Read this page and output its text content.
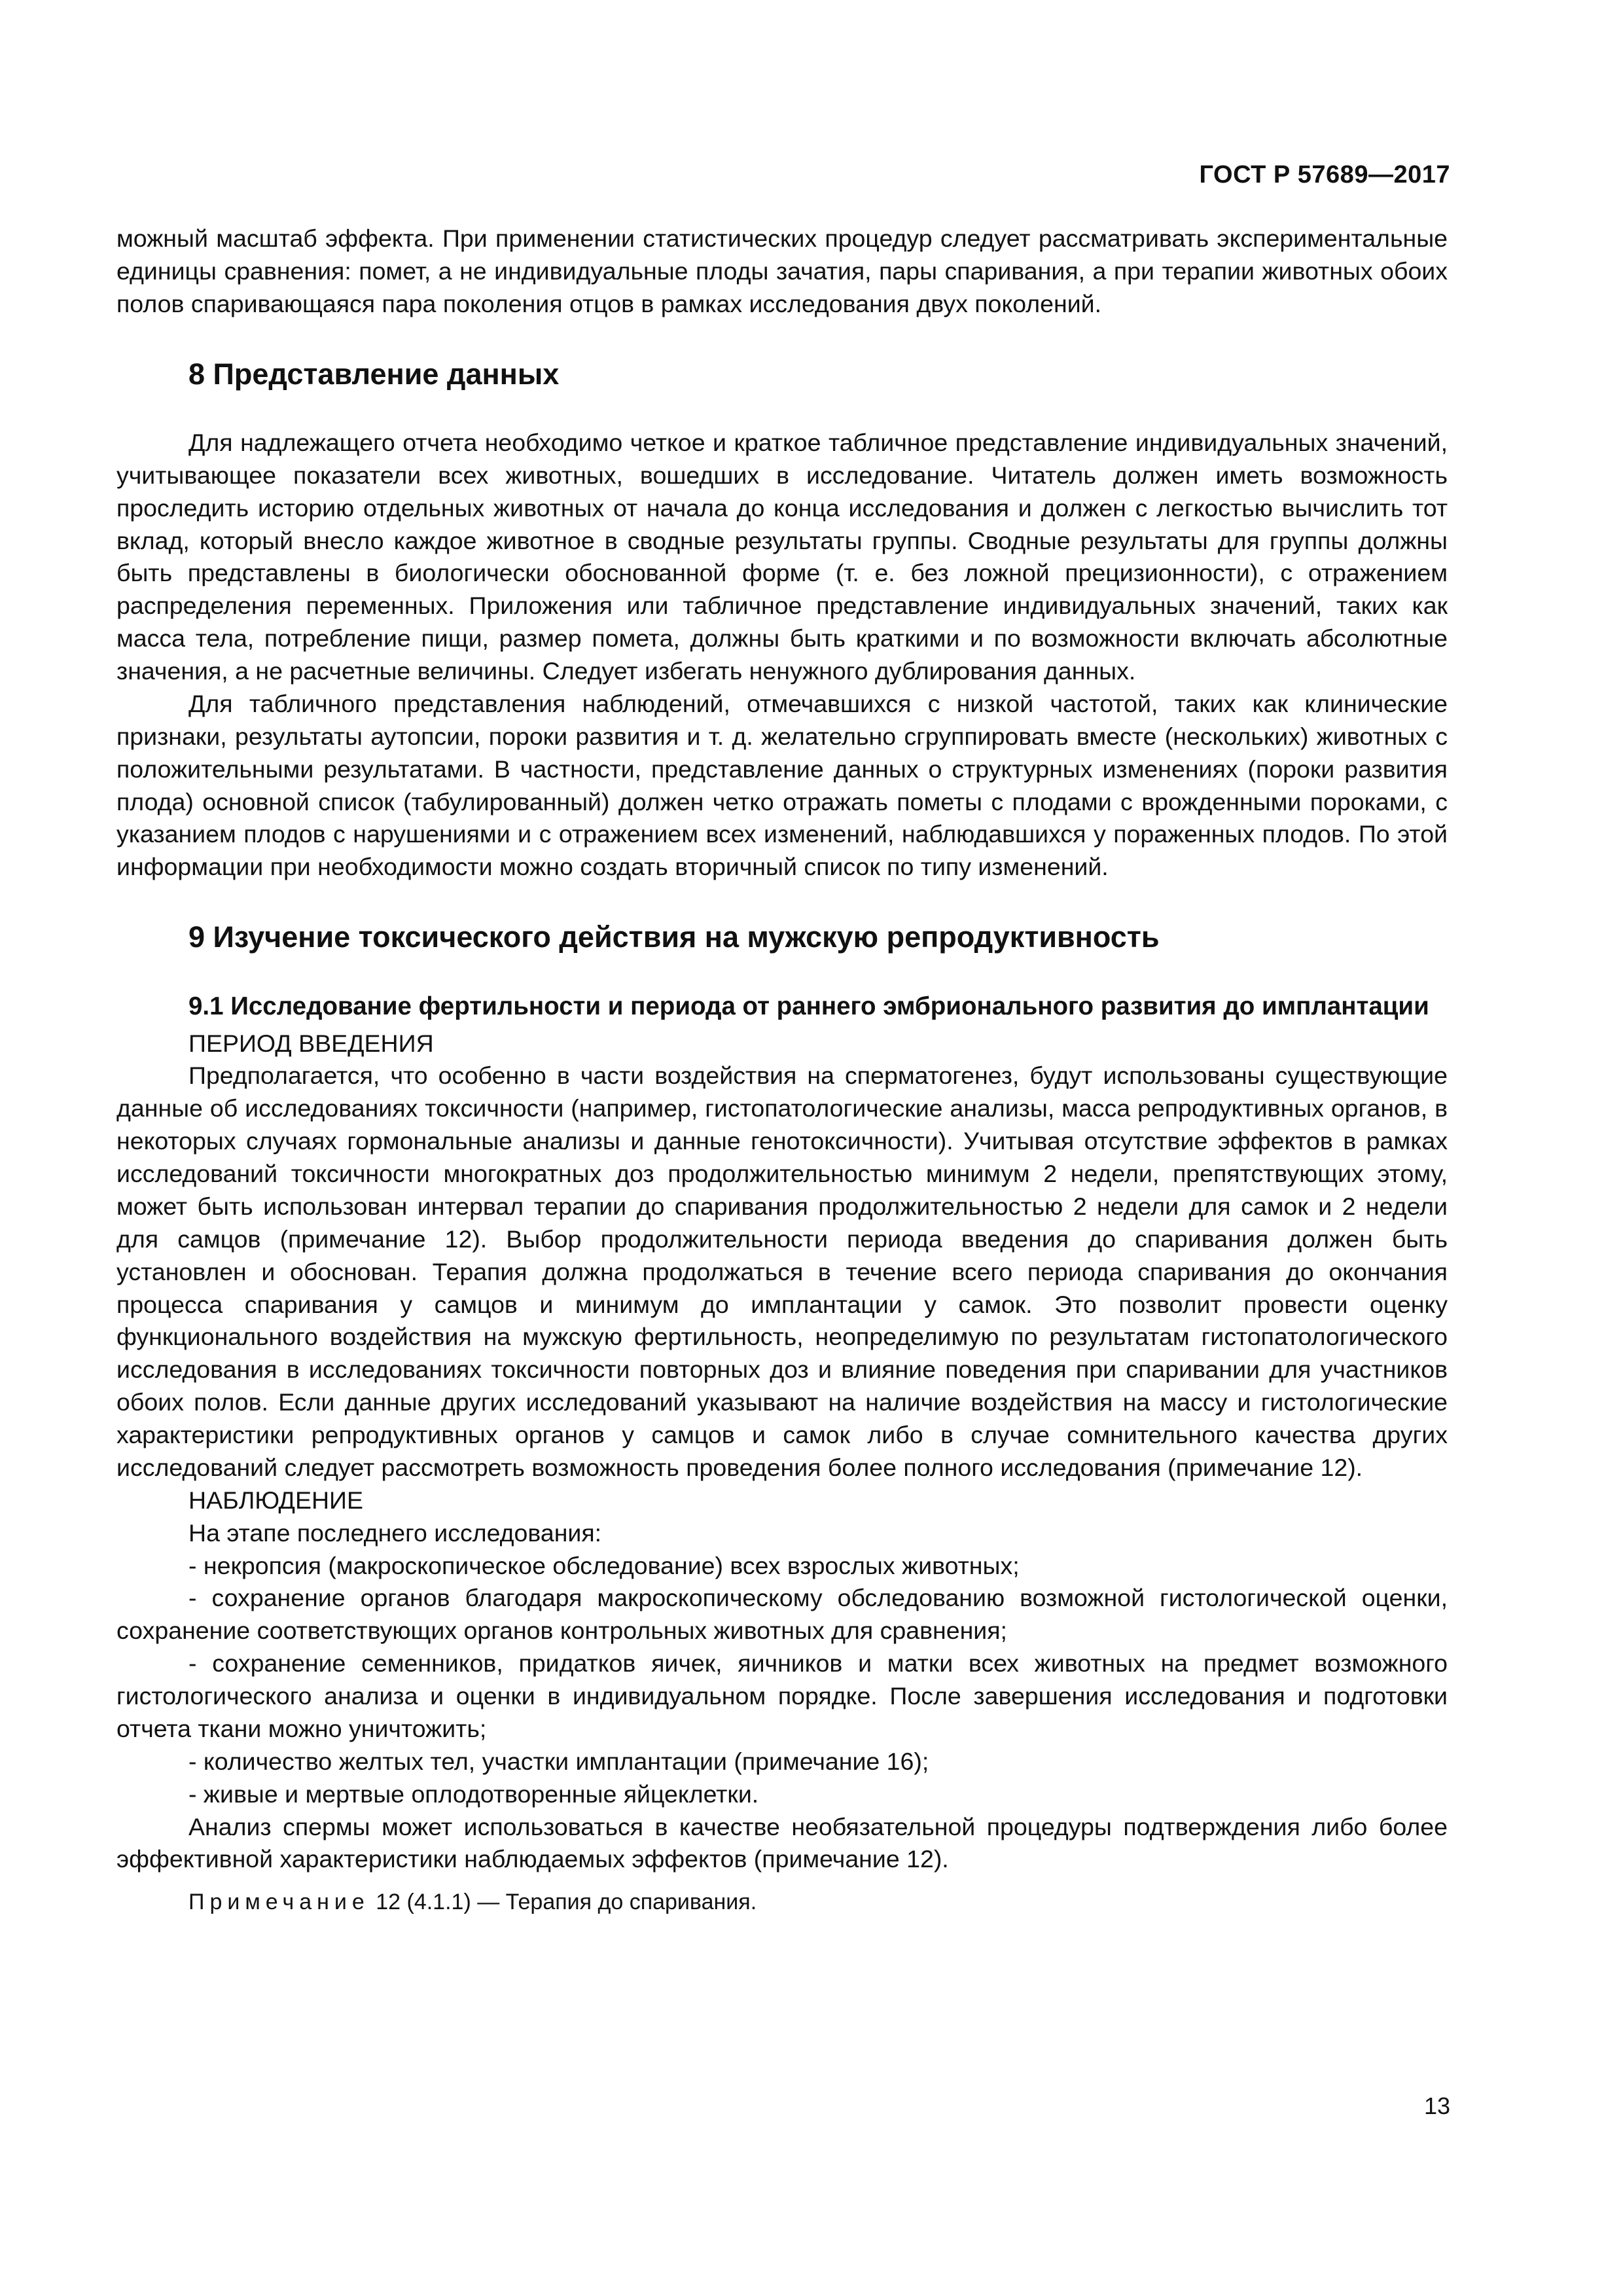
ГОСТ Р 57689—2017

можный масштаб эффекта. При применении статистических процедур следует рассматривать экспериментальные единицы сравнения: помет, а не индивидуальные плоды зачатия, пары спаривания, а при терапии животных обоих полов спаривающаяся пара поколения отцов в рамках исследования двух поколений.

8 Представление данных

Для надлежащего отчета необходимо четкое и краткое табличное представление индивидуальных значений, учитывающее показатели всех животных, вошедших в исследование. Читатель должен иметь возможность проследить историю отдельных животных от начала до конца исследования и должен с легкостью вычислить тот вклад, который внесло каждое животное в сводные результаты группы. Сводные результаты для группы должны быть представлены в биологически обоснованной форме (т. е. без ложной прецизионности), с отражением распределения переменных. Приложения или табличное представление индивидуальных значений, таких как масса тела, потребление пищи, размер помета, должны быть краткими и по возможности включать абсолютные значения, а не расчетные величины. Следует избегать ненужного дублирования данных.

Для табличного представления наблюдений, отмечавшихся с низкой частотой, таких как клинические признаки, результаты аутопсии, пороки развития и т. д. желательно сгруппировать вместе (нескольких) животных с положительными результатами. В частности, представление данных о структурных изменениях (пороки развития плода) основной список (табулированный) должен четко отражать пометы с плодами с врожденными пороками, с указанием плодов с нарушениями и с отражением всех изменений, наблюдавшихся у пораженных плодов. По этой информации при необходимости можно создать вторичный список по типу изменений.

9 Изучение токсического действия на мужскую репродуктивность
9.1 Исследование фертильности и периода от раннего эмбрионального развития до имплантации

ПЕРИОД ВВЕДЕНИЯ

Предполагается, что особенно в части воздействия на сперматогенез, будут использованы существующие данные об исследованиях токсичности (например, гистопатологические анализы, масса репродуктивных органов, в некоторых случаях гормональные анализы и данные генотоксичности). Учитывая отсутствие эффектов в рамках исследований токсичности многократных доз продолжительностью минимум 2 недели, препятствующих этому, может быть использован интервал терапии до спаривания продолжительностью 2 недели для самок и 2 недели для самцов (примечание 12). Выбор продолжительности периода введения до спаривания должен быть установлен и обоснован. Терапия должна продолжаться в течение всего периода спаривания до окончания процесса спаривания у самцов и минимум до имплантации у самок. Это позволит провести оценку функционального воздействия на мужскую фертильность, неопределимую по результатам гистопатологического исследования в исследованиях токсичности повторных доз и влияние поведения при спаривании для участников обоих полов. Если данные других исследований указывают на наличие воздействия на массу и гистологические характеристики репродуктивных органов у самцов и самок либо в случае сомнительного качества других исследований следует рассмотреть возможность проведения более полного исследования (примечание 12).

НАБЛЮДЕНИЕ

На этапе последнего исследования:

- некропсия (макроскопическое обследование) всех взрослых животных;

- сохранение органов благодаря макроскопическому обследованию возможной гистологической оценки, сохранение соответствующих органов контрольных животных для сравнения;

- сохранение семенников, придатков яичек, яичников и матки всех животных на предмет возможного гистологического анализа и оценки в индивидуальном порядке. После завершения исследования и подготовки отчета ткани можно уничтожить;

- количество желтых тел, участки имплантации (примечание 16);

- живые и мертвые оплодотворенные яйцеклетки.

Анализ спермы может использоваться в качестве необязательной процедуры подтверждения либо более эффективной характеристики наблюдаемых эффектов (примечание 12).

Примечание 12 (4.1.1) — Терапия до спаривания.

13
